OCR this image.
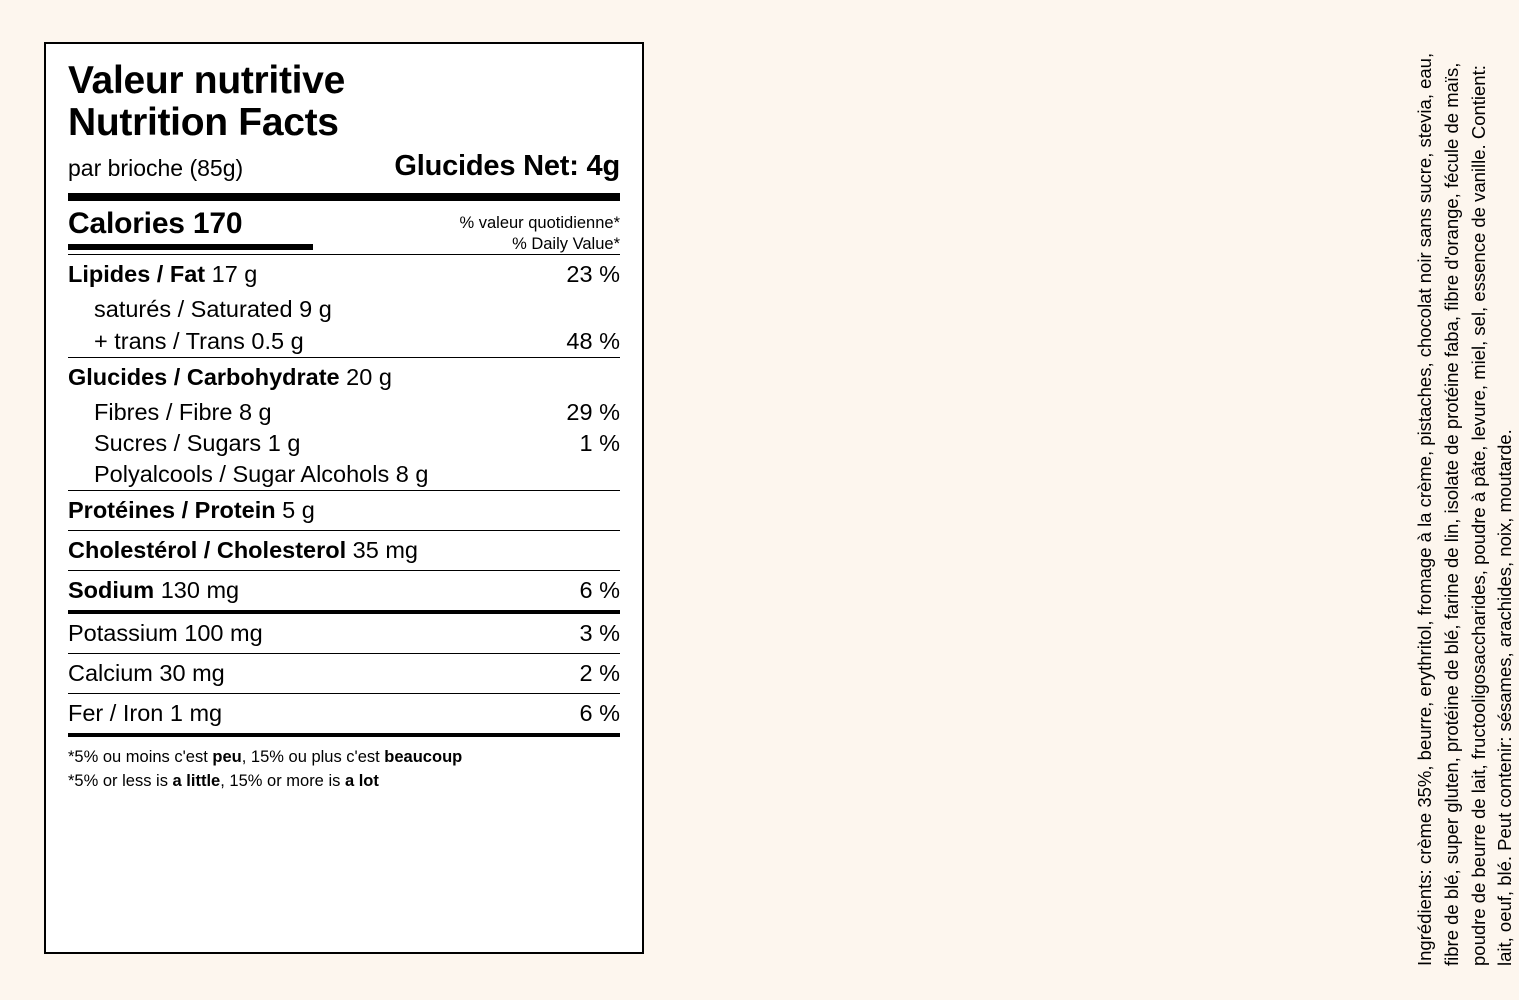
Valeur nutritive
Nutrition Facts
par brioche (85g)	Glucides Net: 4g
Calories 170	% valeur quotidienne*
% Daily Value*
Lipides / Fat 17 g	23 %
saturés / Saturated 9 g
+ trans / Trans 0.5 g	48 %
Glucides / Carbohydrate 20 g
Fibres / Fibre 8 g	29 %
Sucres / Sugars 1 g	1 %
Polyalcools / Sugar Alcohols 8 g
Protéines / Protein 5 g
Cholestérol / Cholesterol 35 mg
Sodium 130 mg	6 %
Potassium 100 mg	3 %
Calcium 30 mg	2 %
Fer / Iron 1 mg	6 %
*5% ou moins c'est peu, 15% ou plus c'est beaucoup
*5% or less is a little, 15% or more is a lot	Ingrédients: crème 35%, beurre, erythritol, fromage à la crème, pistaches, chocolat noir sans sucre, stevia, eau, fibre de blé, super gluten, protéine de blé, farine de lin, isolate de protéine faba, fibre d'orange, fécule de maïs, poudre de beurre de lait, fructooligosaccharides, poudre à pâte, levure, miel, sel, essence de vanille. Contient: lait, oeuf, blé. Peut contenir: sésames, arachides, noix, moutarde.
